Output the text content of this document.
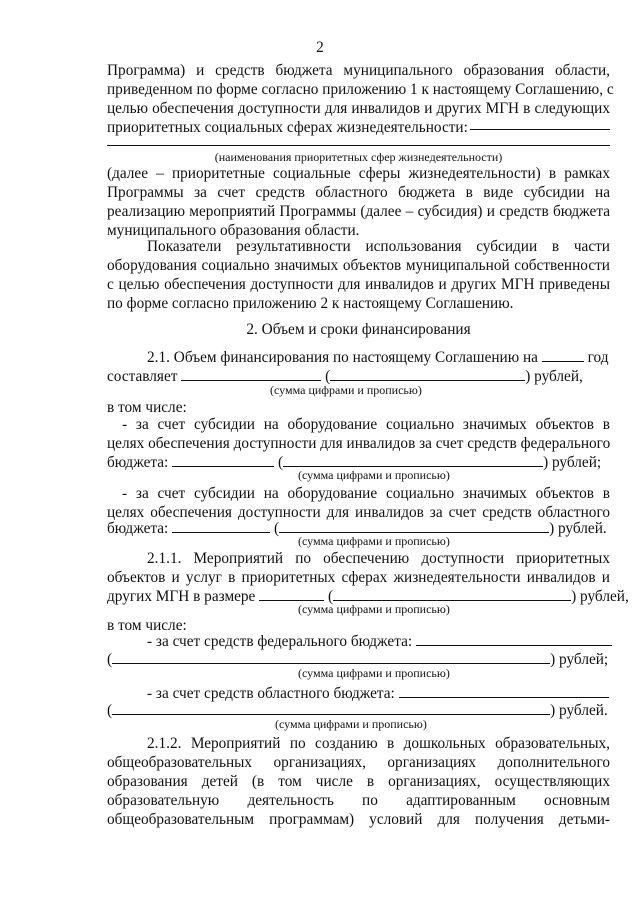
2
Программа) и средств бюджета муниципального образования области,
приведенном по форме согласно приложению 1 к настоящему Соглашению, с
целью обеспечения доступности для инвалидов и других МГН в следующих
приоритетных социальных сферах жизнедеятельности:
(наименования приоритетных сфер жизнедеятельности)
(далее – приоритетные социальные сферы жизнедеятельности) в рамках
Программы за счет средств областного бюджета в виде субсидии на
реализацию мероприятий Программы (далее – субсидия) и средств бюджета
муниципального образования области.
Показатели результативности использования субсидии в части
оборудования социально значимых объектов муниципальной собственности
с целью обеспечения доступности для инвалидов и других МГН приведены
по форме согласно приложению 2 к настоящему Соглашению.
2. Объем и сроки финансирования
2.1. Объем финансирования по настоящему Соглашению на	год
составляет	(	) рублей,
(сумма цифрами и прописью)
в том числе:
- за счет субсидии на оборудование социально значимых объектов в
целях обеспечения доступности для инвалидов за счет средств федерального
бюджета:	(	) рублей;
(сумма цифрами и прописью)
- за счет субсидии на оборудование социально значимых объектов в
целях обеспечения доступности для инвалидов за счет средств областного
бюджета:	(	) рублей.
(сумма цифрами и прописью)
2.1.1. Мероприятий по обеспечению доступности приоритетных
объектов и услуг в приоритетных сферах жизнедеятельности инвалидов и
других МГН в размере	(	) рублей,
(сумма цифрами и прописью)
в том числе:
- за счет средств федерального бюджета:
(	) рублей;
(сумма цифрами и прописью)
- за счет средств областного бюджета:
(	) рублей.
(сумма цифрами и прописью)
2.1.2. Мероприятий по созданию в дошкольных образовательных,
общеобразовательных организациях, организациях дополнительного
образования детей (в том числе в организациях, осуществляющих
образовательную деятельность по адаптированным основным
общеобразовательным программам) условий для получения детьми-
